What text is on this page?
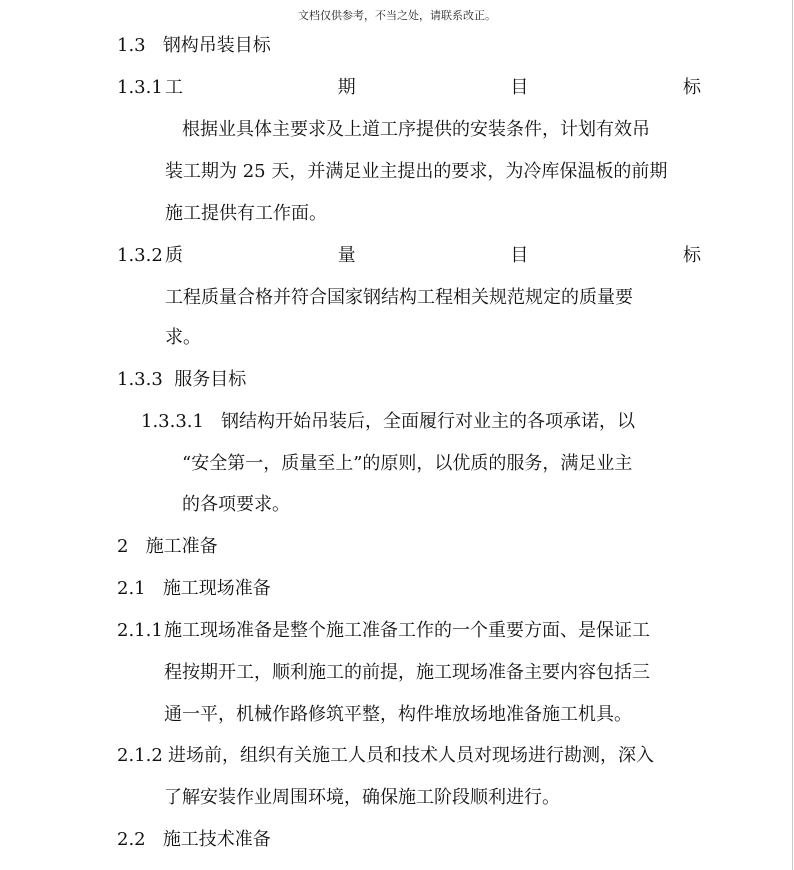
文档仅供参考，不当之处，请联系改正。
1.3 钢构吊装目标
1.3.1 工	期	目	标
根据业具体主要求及上道工序提供的安装条件，计划有效吊
装工期为 25 天，并满足业主提出的要求，为冷库保温板的前期
施工提供有工作面。
1.3.2 质	量	目	标
工程质量合格并符合国家钢结构工程相关规范规定的质量要
求。
1.3.3 服务目标
1.3.3.1 钢结构开始吊装后，全面履行对业主的各项承诺，以
“安全第一，质量至上”的原则，以优质的服务，满足业主
的各项要求。
2 施工准备
2.1 施工现场准备
2.1.1 施工现场准备是整个施工准备工作的一个重要方面、是保证工
程按期开工，顺利施工的前提，施工现场准备主要内容包括三
通一平，机械作路修筑平整，构件堆放场地准备施工机具。
2.1.2 进场前，组织有关施工人员和技术人员对现场进行勘测，深入
了解安装作业周围环境，确保施工阶段顺利进行。
2.2 施工技术准备
